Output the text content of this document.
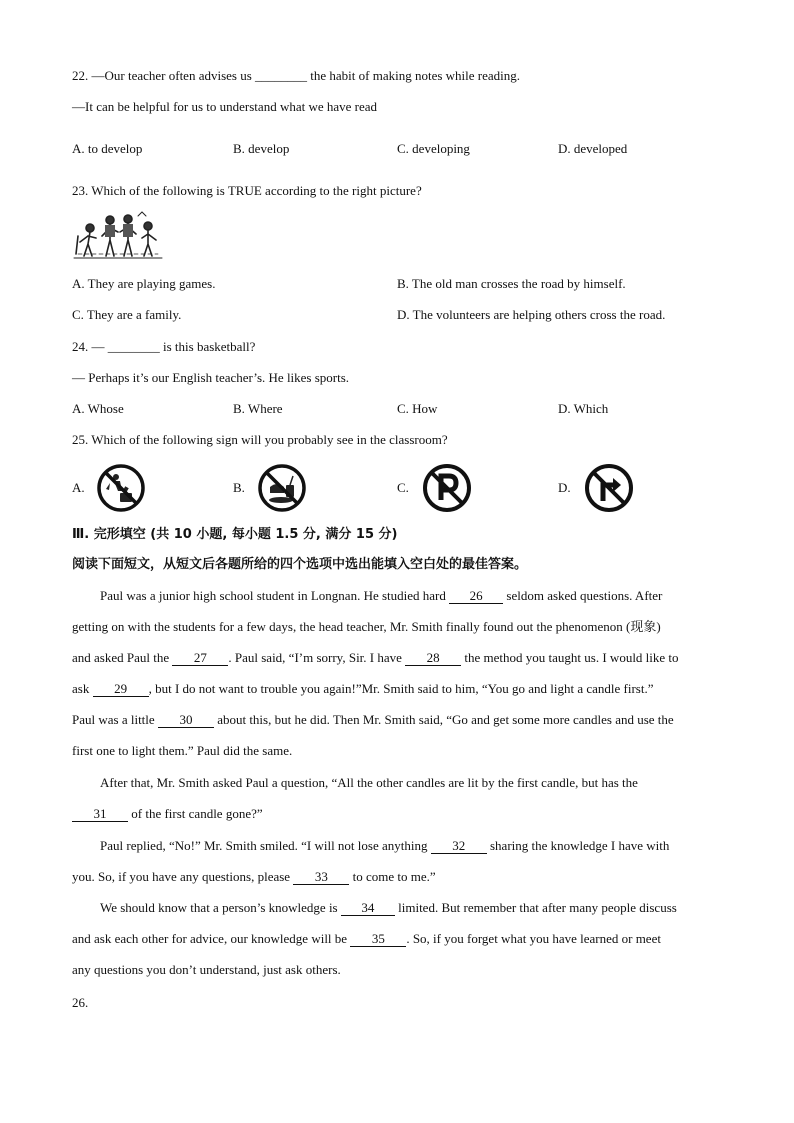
22. —Our teacher often advises us ________ the habit of making notes while reading.
—It can be helpful for us to understand what we have read
A. to develop	B. develop	C. developing	D. developed
23. Which of the following is TRUE according to the right picture?
A. They are playing games.	B. The old man crosses the road by himself.
C. They are a family.	D. The volunteers are helping others cross the road.
24. — ________ is this basketball?
— Perhaps it’s our English teacher’s. He likes sports.
A. Whose	B. Where	C. How	D. Which
25. Which of the following sign will you probably see in the classroom?
A.	B.	C.	D.
Ⅲ. 完形填空 (共 10 小题, 每小题 1.5 分, 满分 15 分)
阅读下面短文，从短文后各题所给的四个选项中选出能填入空白处的最佳答案。
Paul was a junior high school student in Longnan. He studied hard 26 seldom asked questions. After
getting on with the students for a few days, the head teacher, Mr. Smith finally found out the phenomenon (现象)
and asked Paul the 27 . Paul said, “I’m sorry, Sir. I have 28 the method you taught us. I would like to
ask 29 , but I do not want to trouble you again!”Mr. Smith said to him, “You go and light a candle first.”
Paul was a little 30 about this, but he did. Then Mr. Smith said, “Go and get some more candles and use the
first one to light them.” Paul did the same.
After that, Mr. Smith asked Paul a question, “All the other candles are lit by the first candle, but has the
31 of the first candle gone?”
Paul replied, “No!” Mr. Smith smiled. “I will not lose anything 32 sharing the knowledge I have with
you. So, if you have any questions, please 33 to come to me.”
We should know that a person’s knowledge is 34 limited. But remember that after many people discuss
and ask each other for advice, our knowledge will be 35 . So, if you forget what you have learned or meet
any questions you don’t understand, just ask others.
26.
